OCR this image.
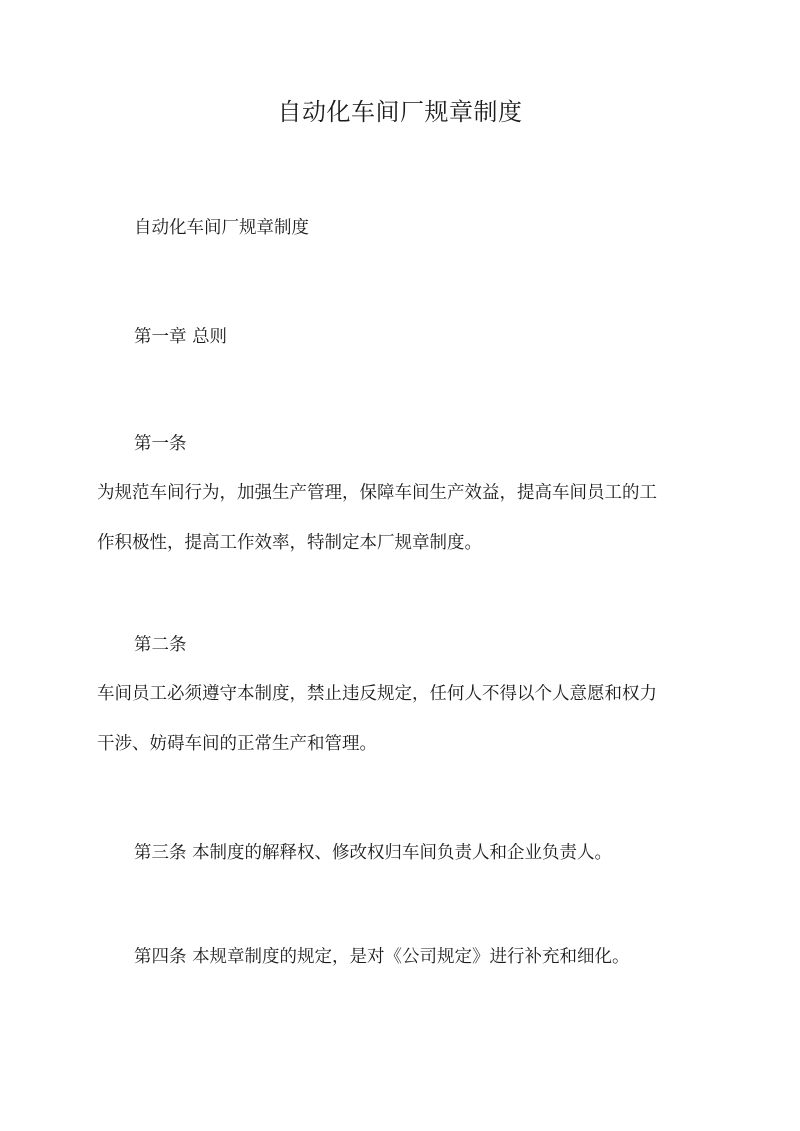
自动化车间厂规章制度
自动化车间厂规章制度
第一章 总则
第一条
为规范车间行为，加强生产管理，保障车间生产效益，提高车间员工的工
作积极性，提高工作效率，特制定本厂规章制度。
第二条
车间员工必须遵守本制度，禁止违反规定，任何人不得以个人意愿和权力
干涉、妨碍车间的正常生产和管理。
第三条 本制度的解释权、修改权归车间负责人和企业负责人。
第四条 本规章制度的规定，是对《公司规定》进行补充和细化。
